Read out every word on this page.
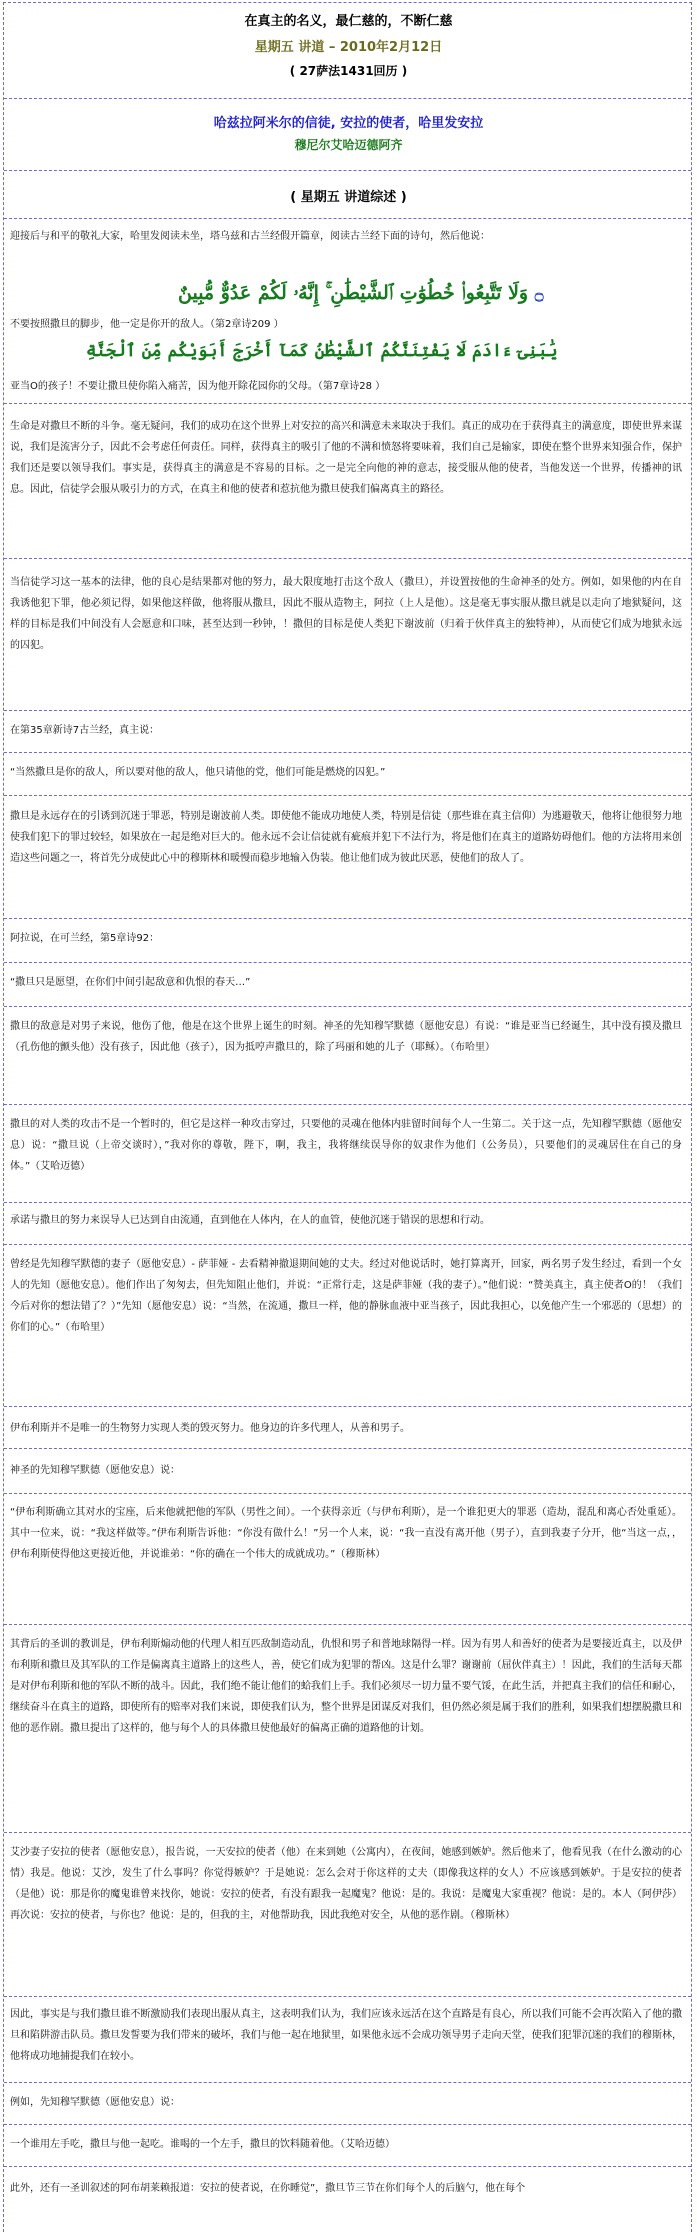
在真主的名义，最仁慈的，不断仁慈
星期五 讲道 – 2010年2月12日
( 27萨法1431回历 )
哈兹拉阿米尔的信徒, 安拉的使者，哈里发安拉
穆尼尔艾哈迈德阿齐
( 星期五 讲道综述 )
迎接后与和平的敬礼大家，哈里发阅读未坐，塔乌兹和古兰经假开篇章，阅读古兰经下面的诗句，然后他说：
۝ وَلَا تَتَّبِعُوا۟ خُطُوَٰتِ ٱلشَّيْطَٰنِ ۚ إِنَّهُۥ لَكُمْ عَدُوٌّ مُّبِينٌ
不要按照撒旦的脚步，他一定是你开的敌人。（第2章诗209 ）
يَٰبَنِىٓ ءَادَمَ لَا يَفْتِنَنَّكُمُ ٱلشَّيْطَٰنُ كَمَآ أَخْرَجَ أَبَوَيْكُم مِّنَ ٱلْجَنَّةِ
亚当O的孩子！不要让撒旦使你陷入痛苦，因为他开除花园你的父母。（第7章诗28 ）
生命是对撒旦不断的斗争。毫无疑问，我们的成功在这个世界上对安拉的高兴和满意未来取决于我们。真正的成功在于获得真主的满意度，即使世界来谋说，我们是流害分子，因此不会考虑任何责任。同样，获得真主的吸引了他的不满和愤怒将要味着，我们自己是输家，即使在整个世界来知强合作，保护我们还是要以领导我们。事实是，获得真主的满意是不容易的目标。之一是完全向他的神的意志，接受服从他的使者，当他发送一个世界，传播神的讯息。因此，信徒学会服从吸引力的方式，在真主和他的使者和惹抗他为撒旦使我们偏离真主的路径。
当信徒学习这一基本的法律，他的良心是结果都对他的努力，最大限度地打击这个敌人（撒旦），并设置按他的生命神圣的处方。例如，如果他的内在自我诱他犯下罪，他必须记得，如果他这样做，他将服从撒旦，因此不服从造物主，阿拉（上人是他）。这是毫无事实服从撒旦就是以走向了地狱疑问，这样的目标是我们中间没有人会愿意和口味，甚至达到一秒钟，！撒但的目标是使人类犯下谢波前（归着于伙伴真主的独特神），从而使它们成为地狱永远的囚犯。
在第35章新诗7古兰经，真主说：
“当然撒旦是你的敌人，所以要对他的敌人，他只请他的党，他们可能是燃烧的囚犯。”
撒旦是永远存在的引诱到沉迷于罪恶，特别是谢波前人类。即使他不能成功地使人类，特别是信徒（那些谁在真主信仰）为逃避敬天，他将让他很努力地使我们犯下的罪过较轻，如果放在一起是绝对巨大的。他永远不会让信徒就有疵痕并犯下不法行为，将是他们在真主的道路妨碍他们。他的方法将用来创造这些问题之一，将首先分成使此心中的穆斯林和暖慢而稳步地输入伪装。他让他们成为彼此厌恶，使他们的敌人了。
阿拉说，在可兰经，第5章诗92：
“撒旦只是愿望，在你们中间引起敌意和仇恨的春天…”
撒旦的敌意是对男子来说，他伤了他，他是在这个世界上诞生的时刻。神圣的先知穆罕默德（愿他安息）有说：“谁是亚当已经诞生，其中没有摸及撒旦（孔伤他的颤头他）没有孩子，因此他（孩子），因为抵哼声撒旦的，除了玛丽和她的儿子（耶稣）。（布哈里）
撒旦的对人类的攻击不是一个暂时的，但它是这样一种攻击穿过，只要他的灵魂在他体内驻留时间每个人一生第二。关于这一点，先知穆罕默德（愿他安息）说：“撒旦说（上帝交谈时），”我对你的尊敬，陛下，啊，我主，我将继续误导你的奴隶作为他们（公务员），只要他们的灵魂居住在自己的身体。”（艾哈迈德）
承诺与撒旦的努力来误导人已达到自由流通，直到他在人体内，在人的血管，使他沉迷于错误的思想和行动。
曾经是先知穆罕默德的妻子（愿他安息）- 萨菲娅 - 去看精神撤退期间她的丈夫。经过对他说话时，她打算离开，回家，两名男子发生经过，看到一个女人的先知（愿他安息）。他们作出了匆匆去，但先知阻止他们，并说：“正常行走，这是萨菲娅（我的妻子）。”他们说：“赞美真主，真主使者O的！（我们今后对你的想法错了？）”先知（愿他安息）说：“当然，在流通，撒旦一样，他的静脉血液中亚当孩子，因此我担心，以免他产生一个邪恶的（思想）的你们的心。”（布哈里）
伊布利斯并不是唯一的生物努力实现人类的毁灭努力。他身边的许多代理人，从善和男子。
神圣的先知穆罕默德（愿他安息）说：
“伊布利斯确立其对水的宝座，后来他就把他的军队（男性之间）。一个获得亲近（与伊布利斯），是一个谁犯更大的罪恶（造劫，混乱和离心否处重延）。其中一位来，说：“我这样做等。”伊布利斯告诉他：“你没有做什么！”另一个人来，说：“我一直没有离开他（男子），直到我妻子分开，他“当这一点，，伊布利斯使得他这更接近他，并说谁弟：“你的确在一个伟大的成就成功。”（穆斯林）
其背后的圣训的教训是，伊布利斯煽动他的代理人相互匹敌制造动乱，仇恨和男子和普地球隔得一样。因为有男人和善好的使者为是要接近真主，以及伊布利斯和撒旦及其军队的工作是偏离真主道路上的这些人，善，使它们成为犯罪的帮凶。这是什么罪？谢谢前（屈伙伴真主）！因此，我们的生活每天都是对伊布利斯和他的军队不断的战斗。因此，我们绝不能让他们的蛤我们上手。我们必须尽一切力量不要气馁，在此生活，并把真主我们的信任和耐心，继续奋斗在真主的道路，即使所有的赔率对我们来说，即使我们认为，整个世界是团谋反对我们，但仍然必须是属于我们的胜利，如果我们想摆脱撒旦和他的恶作剧。撒旦提出了这样的，他与每个人的具体撒旦使他最好的偏离正确的道路他的计划。
艾沙妻子安拉的使者（愿他安息），报告说，一天安拉的使者（他）在来到她（公寓内），在夜间，她感到嫉妒。然后他来了，他看见我（在什么激动的心情）我是。他说：艾沙，发生了什么事吗？你觉得嫉妒？于是她说：怎么会对于你这样的丈夫（即像我这样的女人）不应该感到嫉妒。于是安拉的使者（是他）说：那是你的魔鬼谁曾来找你，她说：安拉的使者，有没有跟我一起魔鬼？他说：是的。我说：是魔鬼大家重视？他说：是的。本人（阿伊莎）再次说：安拉的使者，与你也？他说：是的，但我的主，对他帮助我，因此我绝对安全，从他的恶作剧。（穆斯林）
因此，事实是与我们撒旦谁不断激励我们表现出服从真主，这表明我们认为，我们应该永远活在这个直路是有良心，所以我们可能不会再次陷入了他的撒旦和陷阱游击队员。撒旦发誓要为我们带来的破坏，我们与他一起在地狱里，如果他永远不会成功领导男子走向天堂，使我们犯罪沉迷的我们的穆斯林，他将成功地捕提我们在较小。
例如，先知穆罕默德（愿他安息）说：
一个谁用左手吃，撒旦与他一起吃。谁喝的一个左手，撒旦的饮料随着他。（艾哈迈德）
此外，还有一圣训叙述的阿布胡莱赖报道：安拉的使者说，在你睡觉”，撒旦节三节在你们每个人的后脑勺，他在每个
